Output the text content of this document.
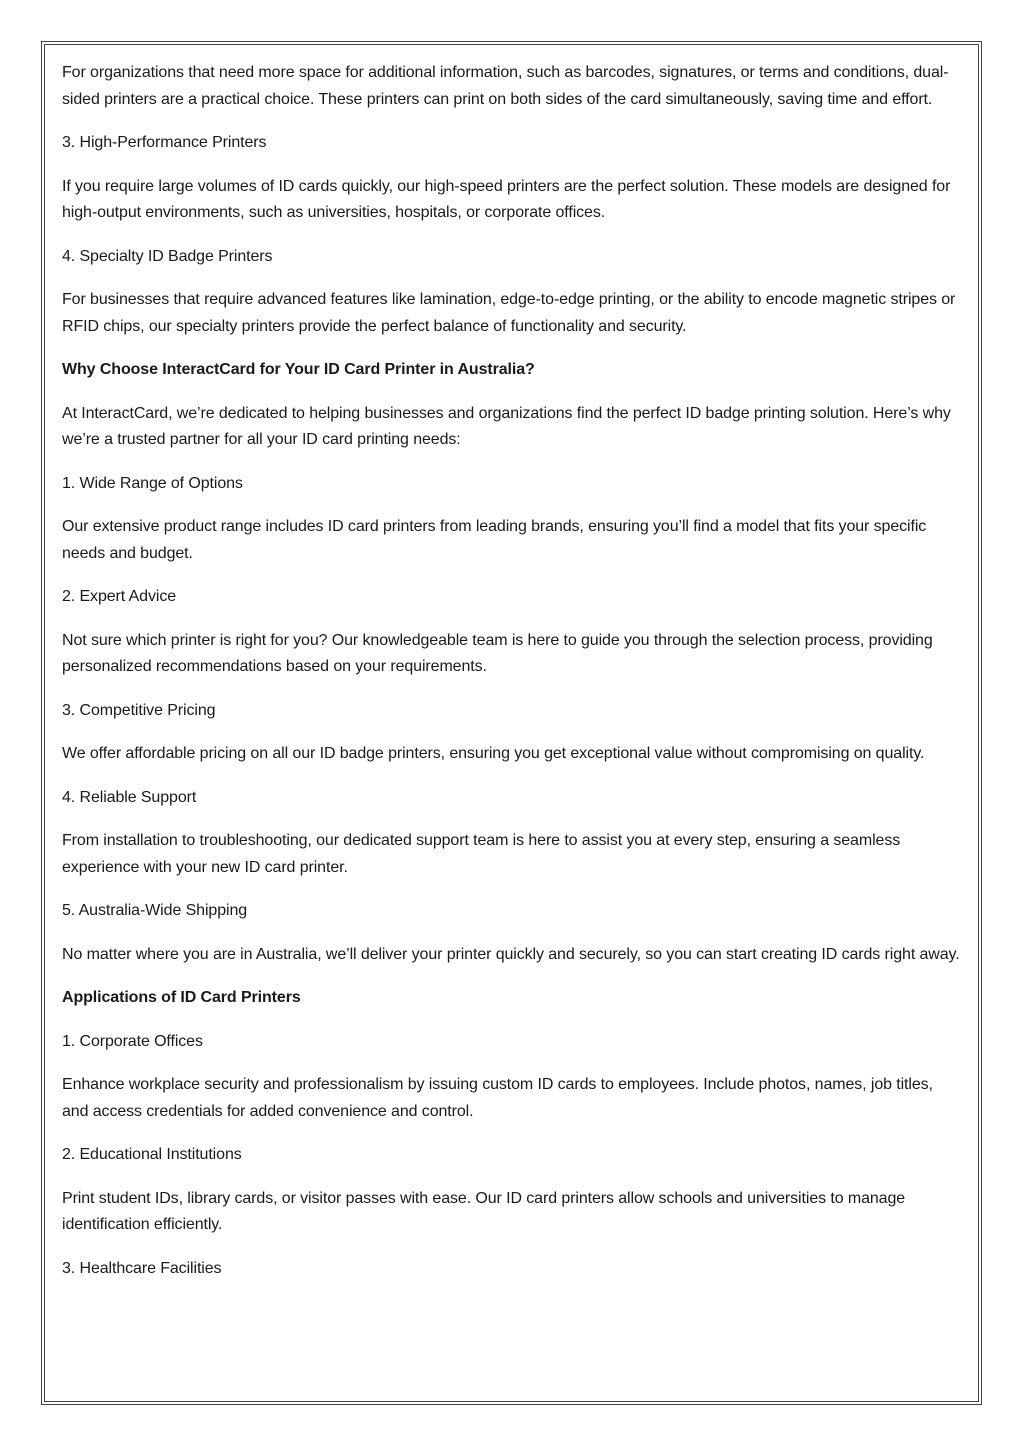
For organizations that need more space for additional information, such as barcodes, signatures, or terms and conditions, dual-sided printers are a practical choice. These printers can print on both sides of the card simultaneously, saving time and effort.

3. High-Performance Printers

If you require large volumes of ID cards quickly, our high-speed printers are the perfect solution. These models are designed for high-output environments, such as universities, hospitals, or corporate offices.

4. Specialty ID Badge Printers

For businesses that require advanced features like lamination, edge-to-edge printing, or the ability to encode magnetic stripes or RFID chips, our specialty printers provide the perfect balance of functionality and security.

Why Choose InteractCard for Your ID Card Printer in Australia?

At InteractCard, we’re dedicated to helping businesses and organizations find the perfect ID badge printing solution. Here’s why we’re a trusted partner for all your ID card printing needs:

1. Wide Range of Options

Our extensive product range includes ID card printers from leading brands, ensuring you’ll find a model that fits your specific needs and budget.

2. Expert Advice

Not sure which printer is right for you? Our knowledgeable team is here to guide you through the selection process, providing personalized recommendations based on your requirements.

3. Competitive Pricing

We offer affordable pricing on all our ID badge printers, ensuring you get exceptional value without compromising on quality.

4. Reliable Support

From installation to troubleshooting, our dedicated support team is here to assist you at every step, ensuring a seamless experience with your new ID card printer.

5. Australia-Wide Shipping

No matter where you are in Australia, we’ll deliver your printer quickly and securely, so you can start creating ID cards right away.

Applications of ID Card Printers

1. Corporate Offices

Enhance workplace security and professionalism by issuing custom ID cards to employees. Include photos, names, job titles, and access credentials for added convenience and control.

2. Educational Institutions

Print student IDs, library cards, or visitor passes with ease. Our ID card printers allow schools and universities to manage identification efficiently.

3. Healthcare Facilities
